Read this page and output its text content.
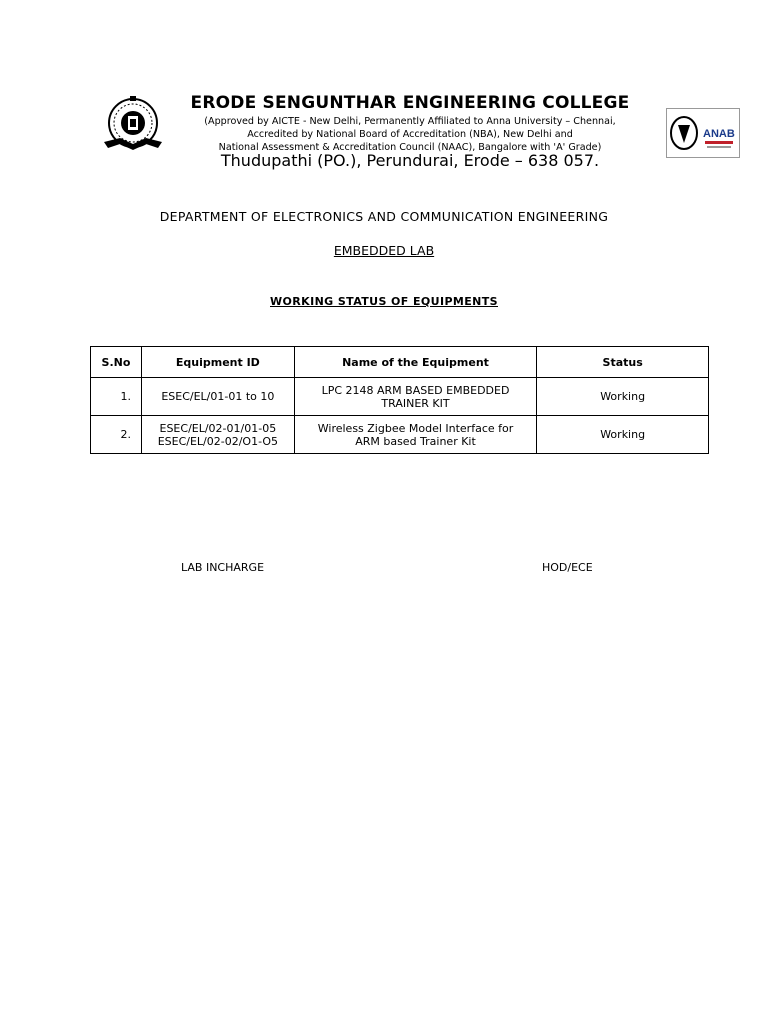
ANAB
ERODE SENGUNTHAR ENGINEERING COLLEGE
(Approved by AICTE - New Delhi, Permanently Affiliated to Anna University – Chennai,
Accredited by National Board of Accreditation (NBA), New Delhi and
National Assessment & Accreditation Council (NAAC), Bangalore with 'A' Grade)
Thudupathi (PO.), Perundurai, Erode – 638 057.
DEPARTMENT OF ELECTRONICS AND COMMUNICATION ENGINEERING
EMBEDDED LAB
WORKING STATUS OF EQUIPMENTS
S.No	Equipment ID	Name of the Equipment	Status
1.	ESEC/EL/01-01 to 10	LPC 2148 ARM BASED EMBEDDED
TRAINER KIT	Working
2.	ESEC/EL/02-01/01-05
ESEC/EL/02-02/O1-O5	Wireless Zigbee Model Interface for
ARM based Trainer Kit	Working
LAB INCHARGE	HOD/ECE
